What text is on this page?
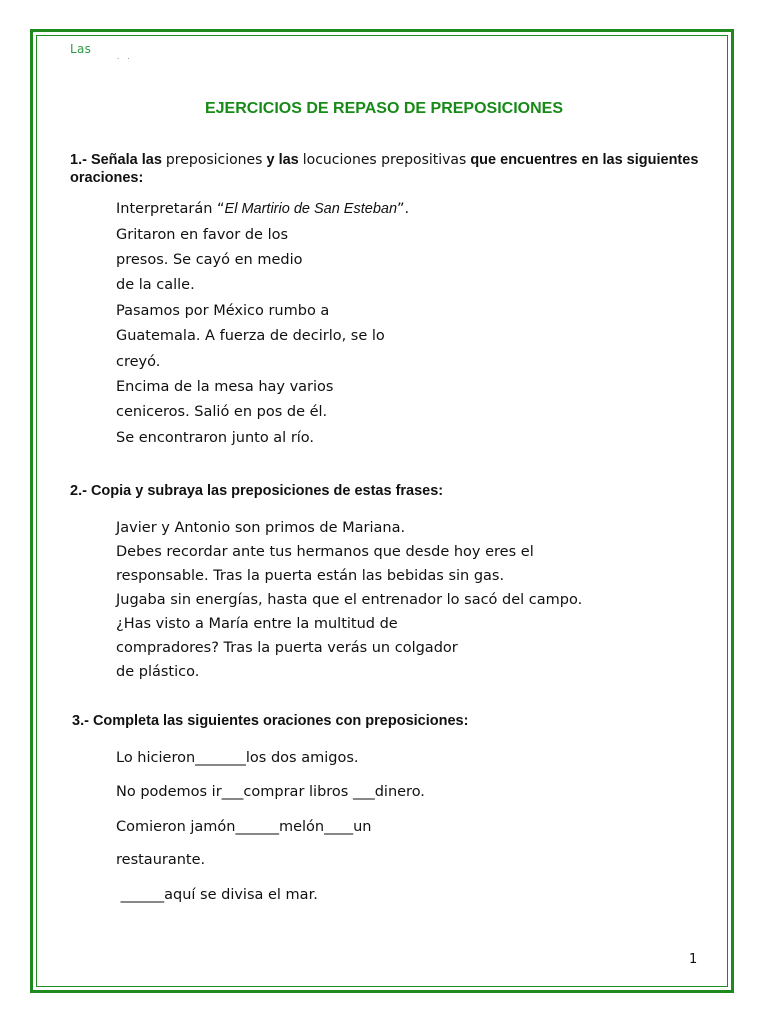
Las
. .
EJERCICIOS DE REPASO DE PREPOSICIONES
1.- Señala las preposiciones y las locuciones prepositivas que encuentres en las siguientes oraciones:
Interpretarán “El Martirio de San Esteban”.
Gritaron en favor de los
presos. Se cayó en medio
de la calle.
Pasamos por México rumbo a
Guatemala. A fuerza de decirlo, se lo
creyó.
Encima de la mesa hay varios
ceniceros. Salió en pos de él.
Se encontraron junto al río.
2.- Copia y subraya las preposiciones de estas frases:
Javier y Antonio son primos de Mariana.
Debes recordar ante tus hermanos que desde hoy eres el
responsable. Tras la puerta están las bebidas sin gas.
Jugaba sin energías, hasta que el entrenador lo sacó del campo.
¿Has visto a María entre la multitud de
compradores? Tras la puerta verás un colgador
de plástico.
3.- Completa las siguientes oraciones con preposiciones:
Lo hicieron_______los dos amigos.
No podemos ir___comprar libros ___dinero.
Comieron jamón______melón____un
restaurante.
______aquí se divisa el mar.
1
